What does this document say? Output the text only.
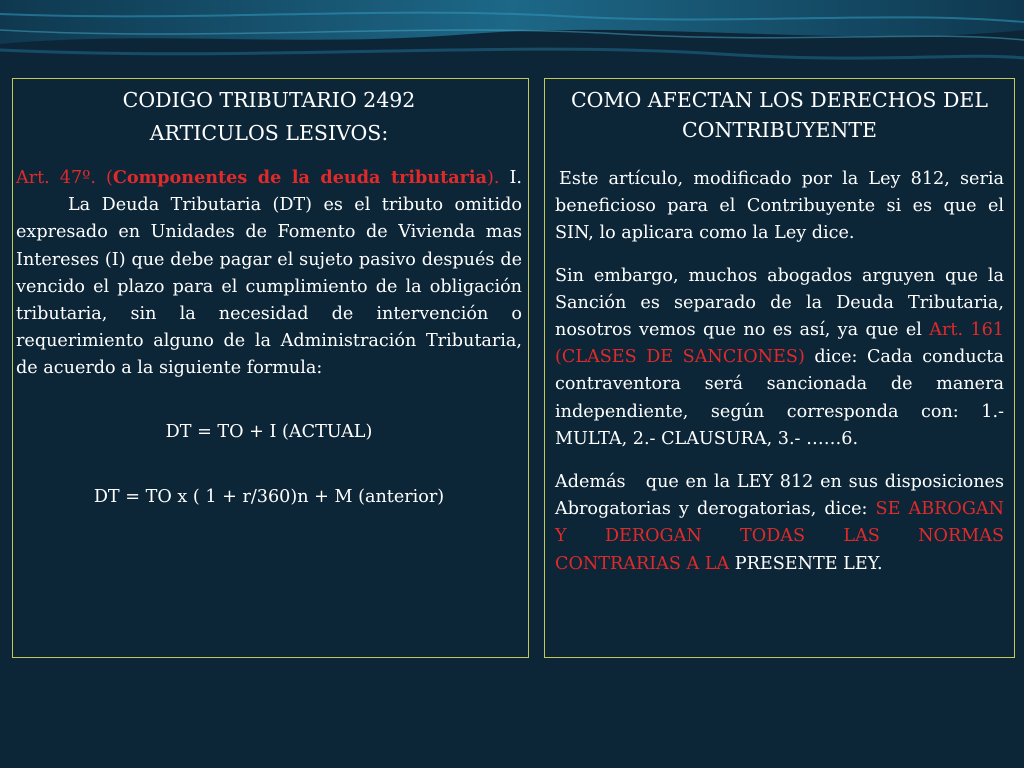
CODIGO TRIBUTARIO 2492
ARTICULOS LESIVOS:
Art. 47º. (Componentes de la deuda tributaria). I.La Deuda Tributaria (DT) es el tributo omitido expresado en Unidades de Fomento de Vivienda mas Intereses (I) que debe pagar el sujeto pasivo después de vencido el plazo para el cumplimiento de la obligación tributaria, sin la necesidad de intervención o requerimiento alguno de la Administración Tributaria, de acuerdo a la siguiente formula:
DT = TO + I (ACTUAL)
DT = TO x ( 1 + r/360)n + M (anterior)
COMO AFECTAN LOS DERECHOS DEL CONTRIBUYENTE
Este artículo, modificado por la Ley 812, seria beneficioso para el Contribuyente si es que el SIN, lo aplicara como la Ley dice.
Sin embargo, muchos abogados arguyen que la Sanción es separado de la Deuda Tributaria, nosotros vemos que no es así, ya que el Art. 161 (CLASES DE SANCIONES) dice: Cada conducta contraventora será sancionada de manera independiente, según corresponda con: 1.- MULTA, 2.- CLAUSURA, 3.- ……6.
Además   que en la LEY 812 en sus disposiciones Abrogatorias y derogatorias, dice: SE ABROGAN Y DEROGAN TODAS LAS NORMAS CONTRARIAS A LA PRESENTE LEY.
